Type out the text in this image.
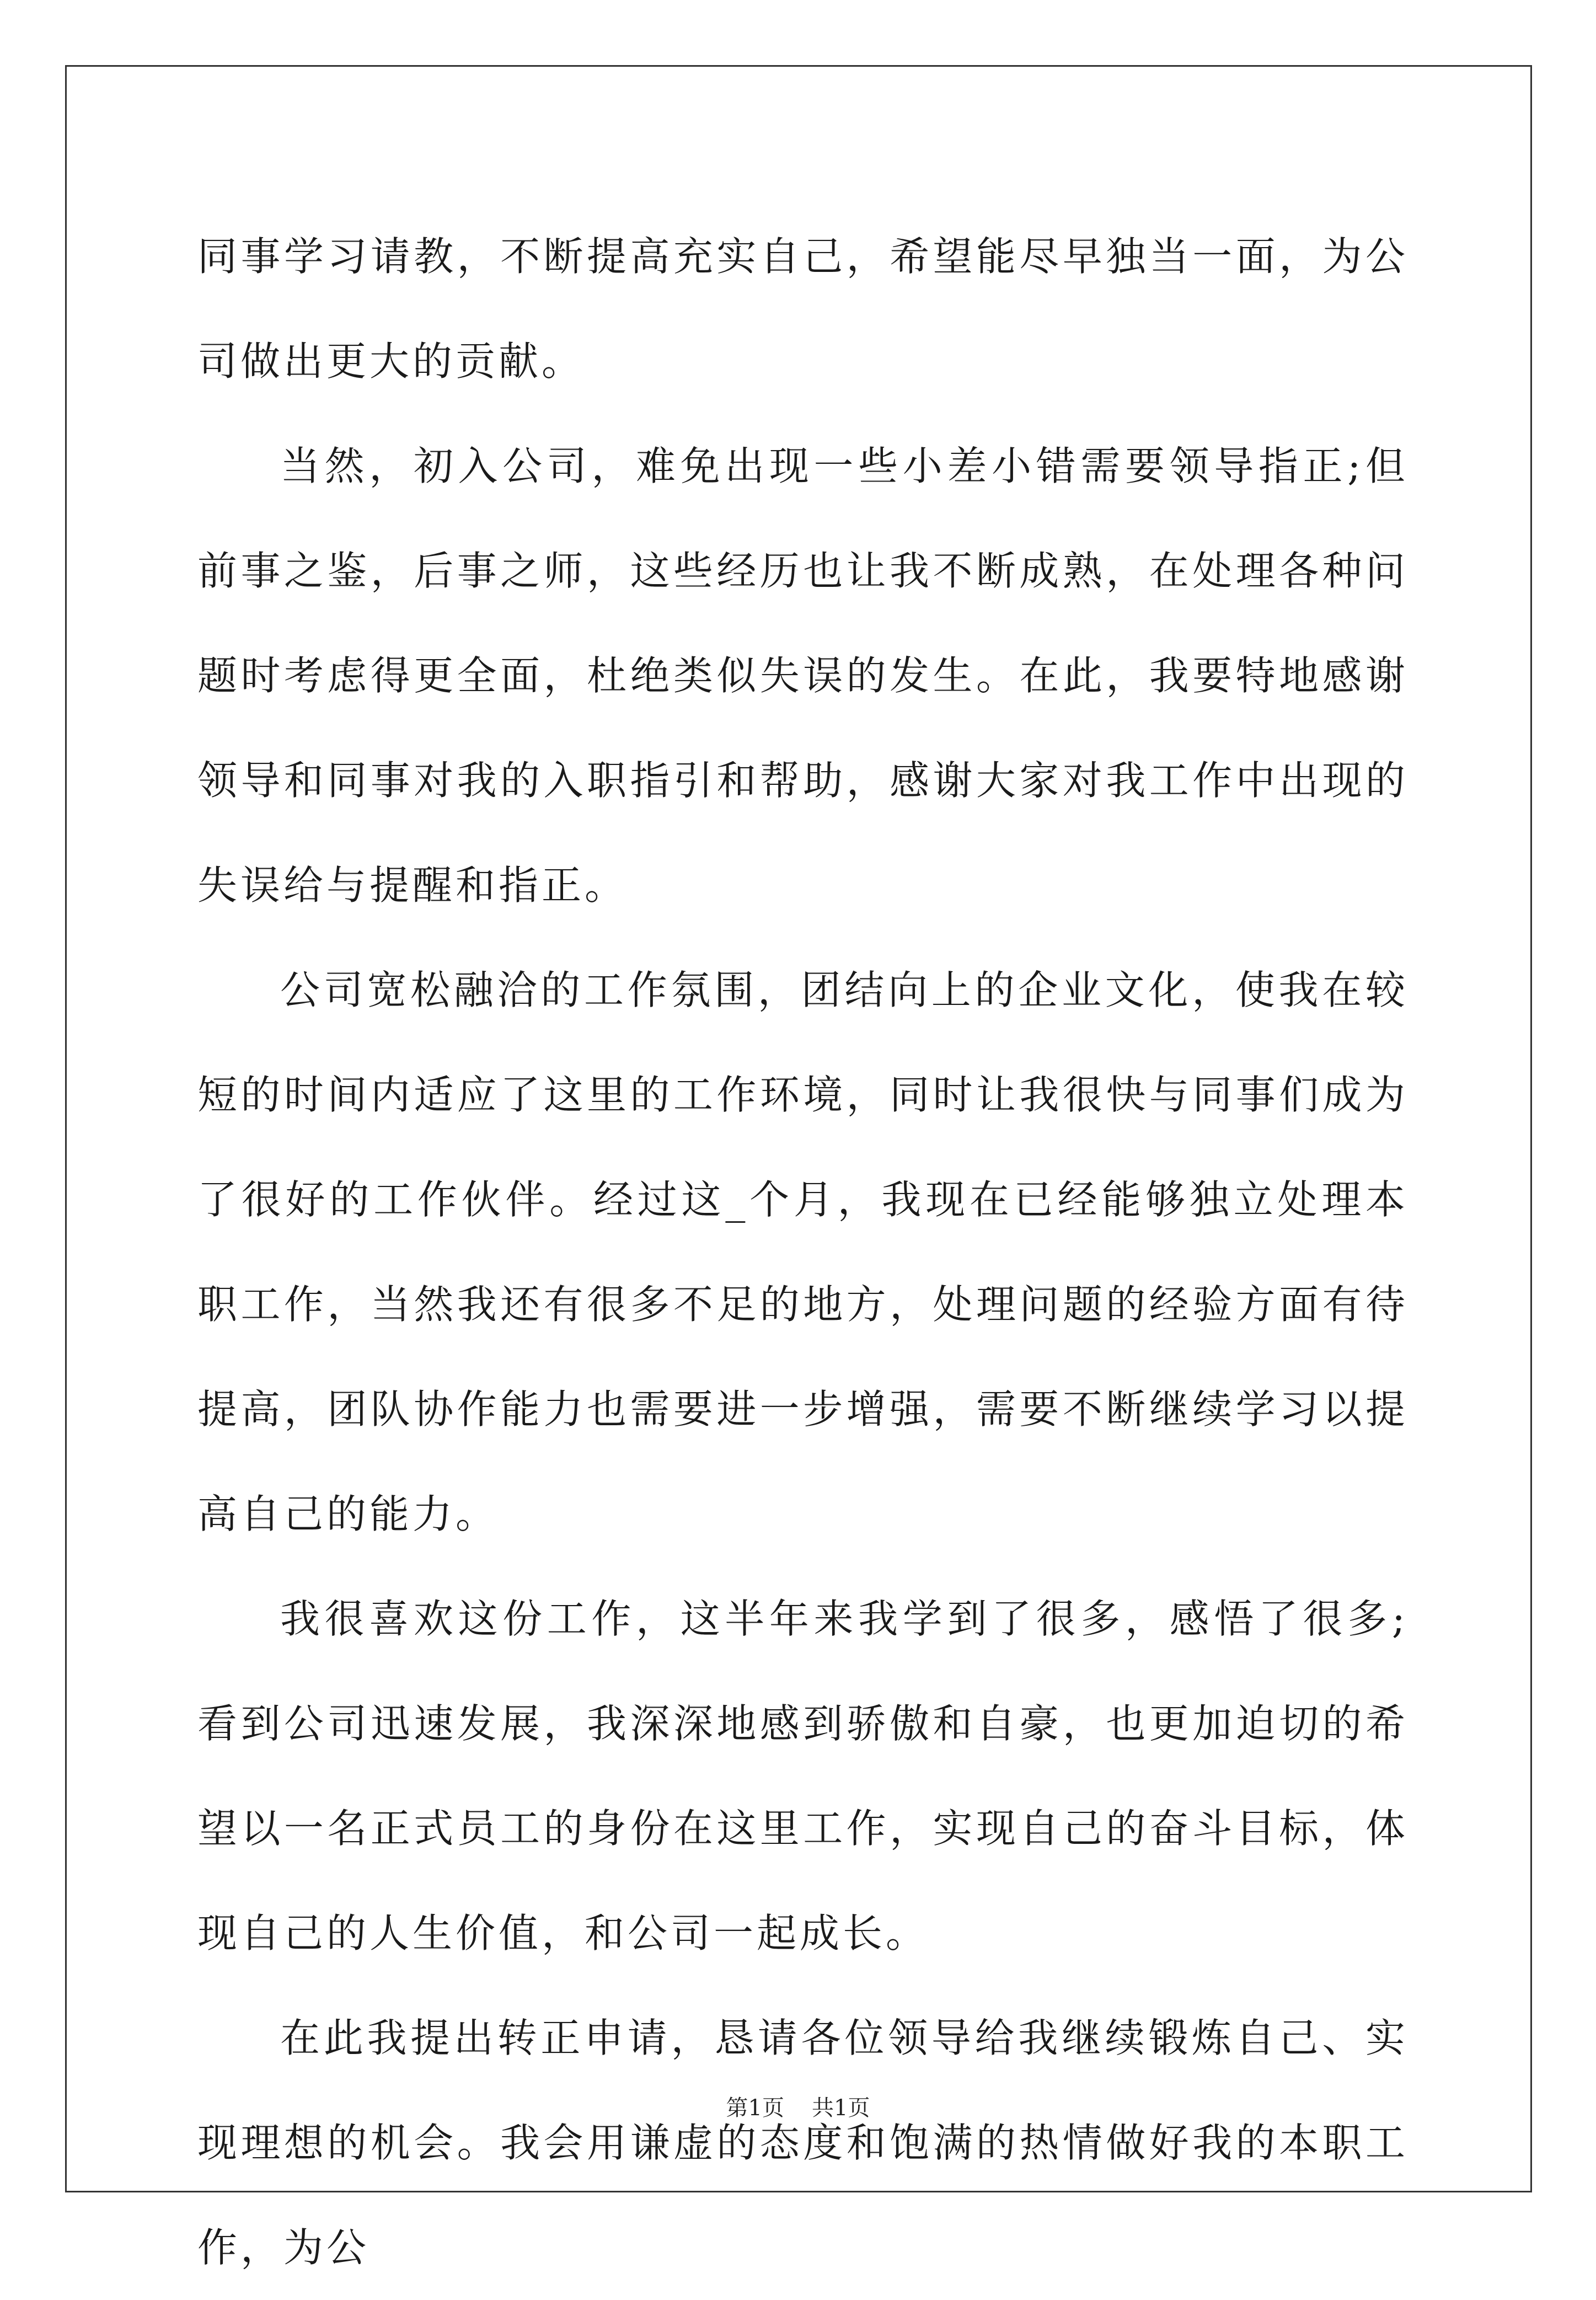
同事学习请教，不断提高充实自己，希望能尽早独当一面，为公司做出更大的贡献。

当然，初入公司，难免出现一些小差小错需要领导指正;但前事之鉴，后事之师，这些经历也让我不断成熟，在处理各种问题时考虑得更全面，杜绝类似失误的发生。在此，我要特地感谢领导和同事对我的入职指引和帮助，感谢大家对我工作中出现的失误给与提醒和指正。

公司宽松融洽的工作氛围，团结向上的企业文化，使我在较短的时间内适应了这里的工作环境，同时让我很快与同事们成为了很好的工作伙伴。经过这_个月，我现在已经能够独立处理本职工作，当然我还有很多不足的地方，处理问题的经验方面有待提高，团队协作能力也需要进一步增强，需要不断继续学习以提高自己的能力。

我很喜欢这份工作，这半年来我学到了很多，感悟了很多;看到公司迅速发展，我深深地感到骄傲和自豪，也更加迫切的希望以一名正式员工的身份在这里工作，实现自己的奋斗目标，体现自己的人生价值，和公司一起成长。

在此我提出转正申请，恳请各位领导给我继续锻炼自己、实现理想的机会。我会用谦虚的态度和饱满的热情做好我的本职工作，为公

第1页 共1页
